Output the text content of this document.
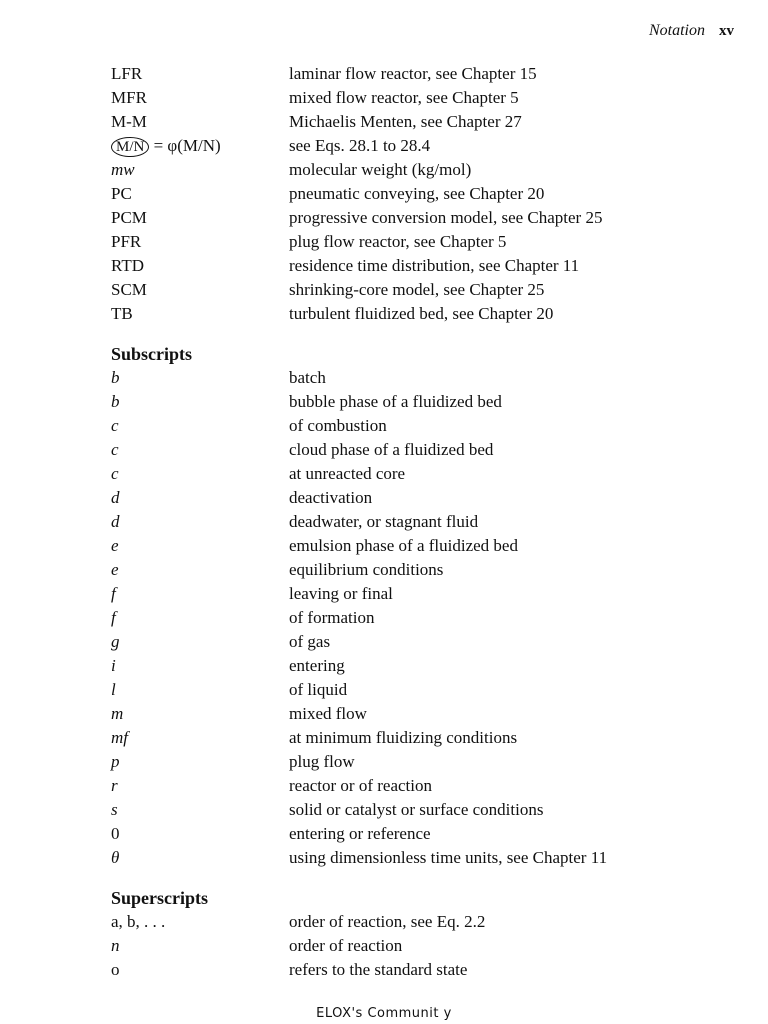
Notation xv
LFR	laminar flow reactor, see Chapter 15
MFR	mixed flow reactor, see Chapter 5
M-M	Michaelis Menten, see Chapter 27
M/N = φ(M/N)	see Eqs. 28.1 to 28.4
mw	molecular weight (kg/mol)
PC	pneumatic conveying, see Chapter 20
PCM	progressive conversion model, see Chapter 25
PFR	plug flow reactor, see Chapter 5
RTD	residence time distribution, see Chapter 11
SCM	shrinking-core model, see Chapter 25
TB	turbulent fluidized bed, see Chapter 20
Subscripts
b	batch
b	bubble phase of a fluidized bed
c	of combustion
c	cloud phase of a fluidized bed
c	at unreacted core
d	deactivation
d	deadwater, or stagnant fluid
e	emulsion phase of a fluidized bed
e	equilibrium conditions
f	leaving or final
f	of formation
g	of gas
i	entering
l	of liquid
m	mixed flow
mf	at minimum fluidizing conditions
p	plug flow
r	reactor or of reaction
s	solid or catalyst or surface conditions
0	entering or reference
θ	using dimensionless time units, see Chapter 11
Superscripts
a, b, . . .	order of reaction, see Eq. 2.2
n	order of reaction
o	refers to the standard state
ELOX's Communit y
